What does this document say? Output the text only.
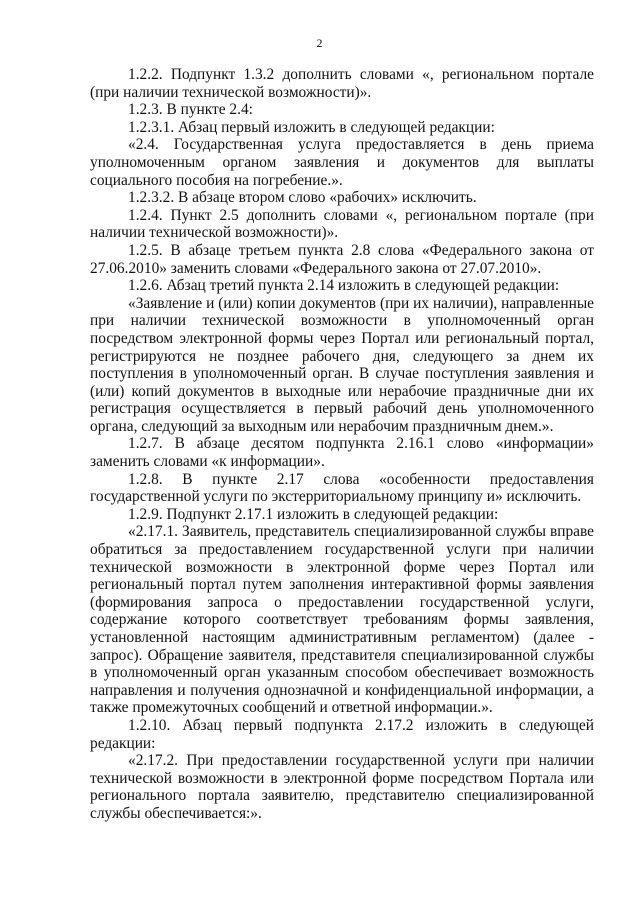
2

1.2.2. Подпункт 1.3.2 дополнить словами «, региональном портале (при наличии технической возможности)».

1.2.3. В пункте 2.4:

1.2.3.1. Абзац первый изложить в следующей редакции:

«2.4. Государственная услуга предоставляется в день приема уполномоченным органом заявления и документов для выплаты социального пособия на погребение.».

1.2.3.2. В абзаце втором слово «рабочих» исключить.

1.2.4. Пункт 2.5 дополнить словами «, региональном портале (при наличии технической возможности)».

1.2.5. В абзаце третьем пункта 2.8 слова «Федерального закона от 27.06.2010» заменить словами «Федерального закона от 27.07.2010».

1.2.6. Абзац третий пункта 2.14 изложить в следующей редакции:

«Заявление и (или) копии документов (при их наличии), направленные при наличии технической возможности в уполномоченный орган посредством электронной формы через Портал или региональный портал, регистрируются не позднее рабочего дня, следующего за днем их поступления в уполномоченный орган. В случае поступления заявления и (или) копий документов в выходные или нерабочие праздничные дни их регистрация осуществляется в первый рабочий день уполномоченного органа, следующий за выходным или нерабочим праздничным днем.».

1.2.7. В абзаце десятом подпункта 2.16.1 слово «информации» заменить словами «к информации».

1.2.8. В пункте 2.17 слова «особенности предоставления государственной услуги по экстерриториальному принципу и» исключить.

1.2.9. Подпункт 2.17.1 изложить в следующей редакции:

«2.17.1. Заявитель, представитель специализированной службы вправе обратиться за предоставлением государственной услуги при наличии технической возможности в электронной форме через Портал или региональный портал путем заполнения интерактивной формы заявления (формирования запроса о предоставлении государственной услуги, содержание которого соответствует требованиям формы заявления, установленной настоящим административным регламентом) (далее - запрос). Обращение заявителя, представителя специализированной службы в уполномоченный орган указанным способом обеспечивает возможность направления и получения однозначной и конфиденциальной информации, а также промежуточных сообщений и ответной информации.».

1.2.10. Абзац первый подпункта 2.17.2 изложить в следующей редакции:

«2.17.2. При предоставлении государственной услуги при наличии технической возможности в электронной форме посредством Портала или регионального портала заявителю, представителю специализированной службы обеспечивается:».
